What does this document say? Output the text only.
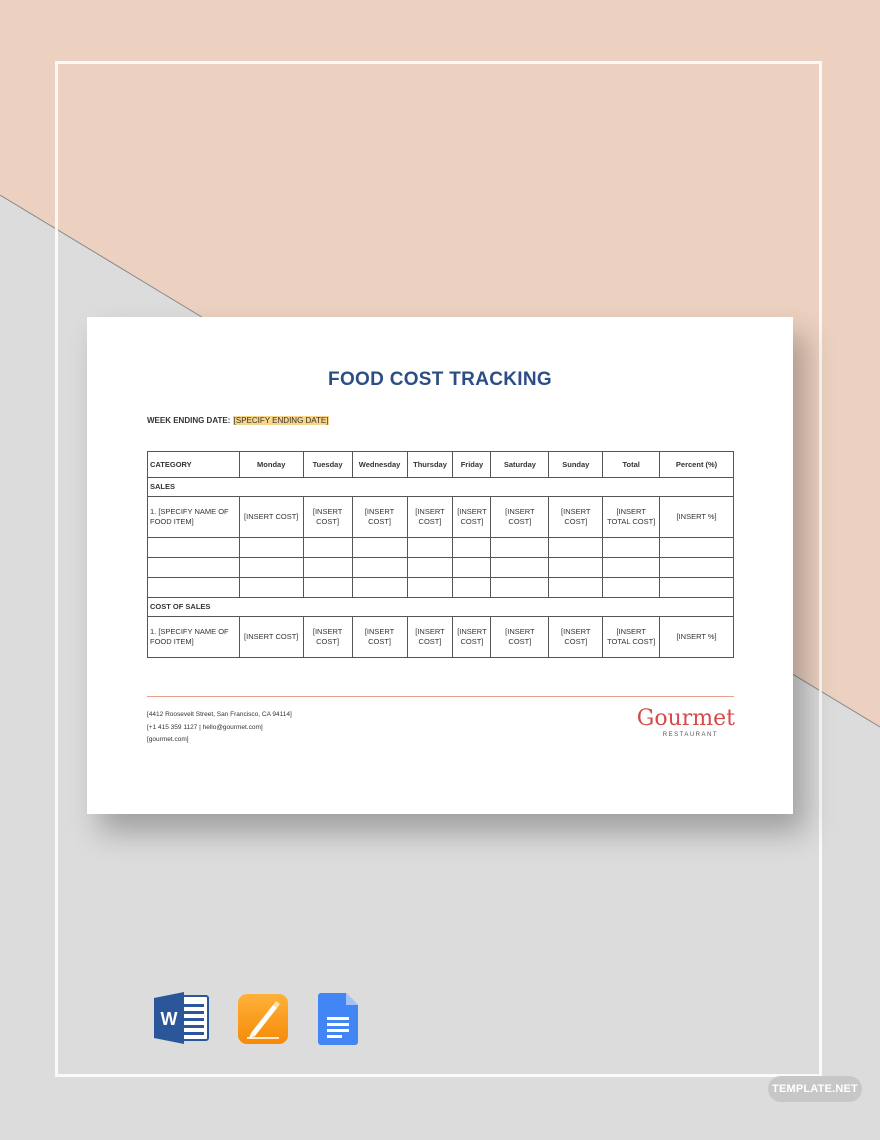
FOOD COST TRACKING
WEEK ENDING DATE: [SPECIFY ENDING DATE]
CATEGORY	Monday	Tuesday	Wednesday	Thursday	Friday	Saturday	Sunday	Total	Percent (%)
SALES									
1. [SPECIFY NAME OF FOOD ITEM]	[INSERT COST]	[INSERT COST]	[INSERT COST]	[INSERT COST]	[INSERT COST]	[INSERT COST]	[INSERT COST]	[INSERT TOTAL COST]	[INSERT %]

COST OF SALES									
1. [SPECIFY NAME OF FOOD ITEM]	[INSERT COST]	[INSERT COST]	[INSERT COST]	[INSERT COST]	[INSERT COST]	[INSERT COST]	[INSERT COST]	[INSERT TOTAL COST]	[INSERT %]
[4412 Roosevelt Street, San Francisco, CA 94114]
[+1 415 359 1127 | hello@gourmet.com]
[gourmet.com]
Gourmet
RESTAURANT
W
TEMPLATE.NET
